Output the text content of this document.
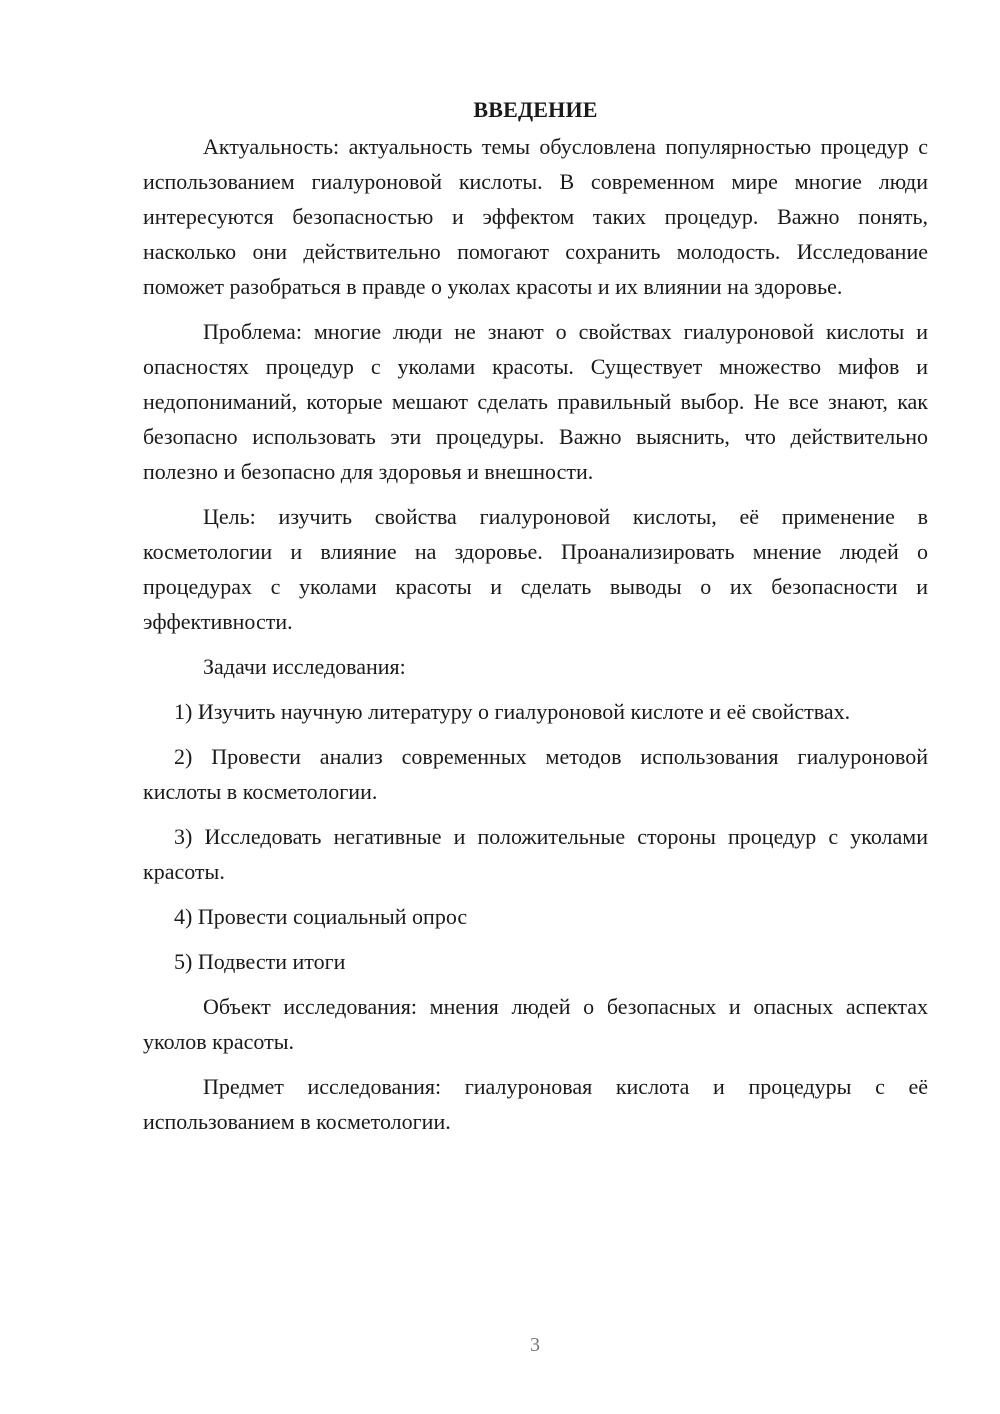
ВВЕДЕНИЕ

Актуальность: актуальность темы обусловлена популярностью процедур с использованием гиалуроновой кислоты. В современном мире многие люди интересуются безопасностью и эффектом таких процедур. Важно понять, насколько они действительно помогают сохранить молодость. Исследование поможет разобраться в правде о уколах красоты и их влиянии на здоровье.

Проблема: многие люди не знают о свойствах гиалуроновой кислоты и опасностях процедур с уколами красоты. Существует множество мифов и недопониманий, которые мешают сделать правильный выбор. Не все знают, как безопасно использовать эти процедуры. Важно выяснить, что действительно полезно и безопасно для здоровья и внешности.

Цель: изучить свойства гиалуроновой кислоты, её применение в косметологии и влияние на здоровье. Проанализировать мнение людей о процедурах с уколами красоты и сделать выводы о их безопасности и эффективности.

Задачи исследования:

1) Изучить научную литературу о гиалуроновой кислоте и её свойствах.

2) Провести анализ современных методов использования гиалуроновой кислоты в косметологии.

3) Исследовать негативные и положительные стороны процедур с уколами красоты.

4) Провести социальный опрос

5) Подвести итоги

Объект исследования: мнения людей о безопасных и опасных аспектах уколов красоты.

Предмет исследования: гиалуроновая кислота и процедуры с её использованием в косметологии.

3
